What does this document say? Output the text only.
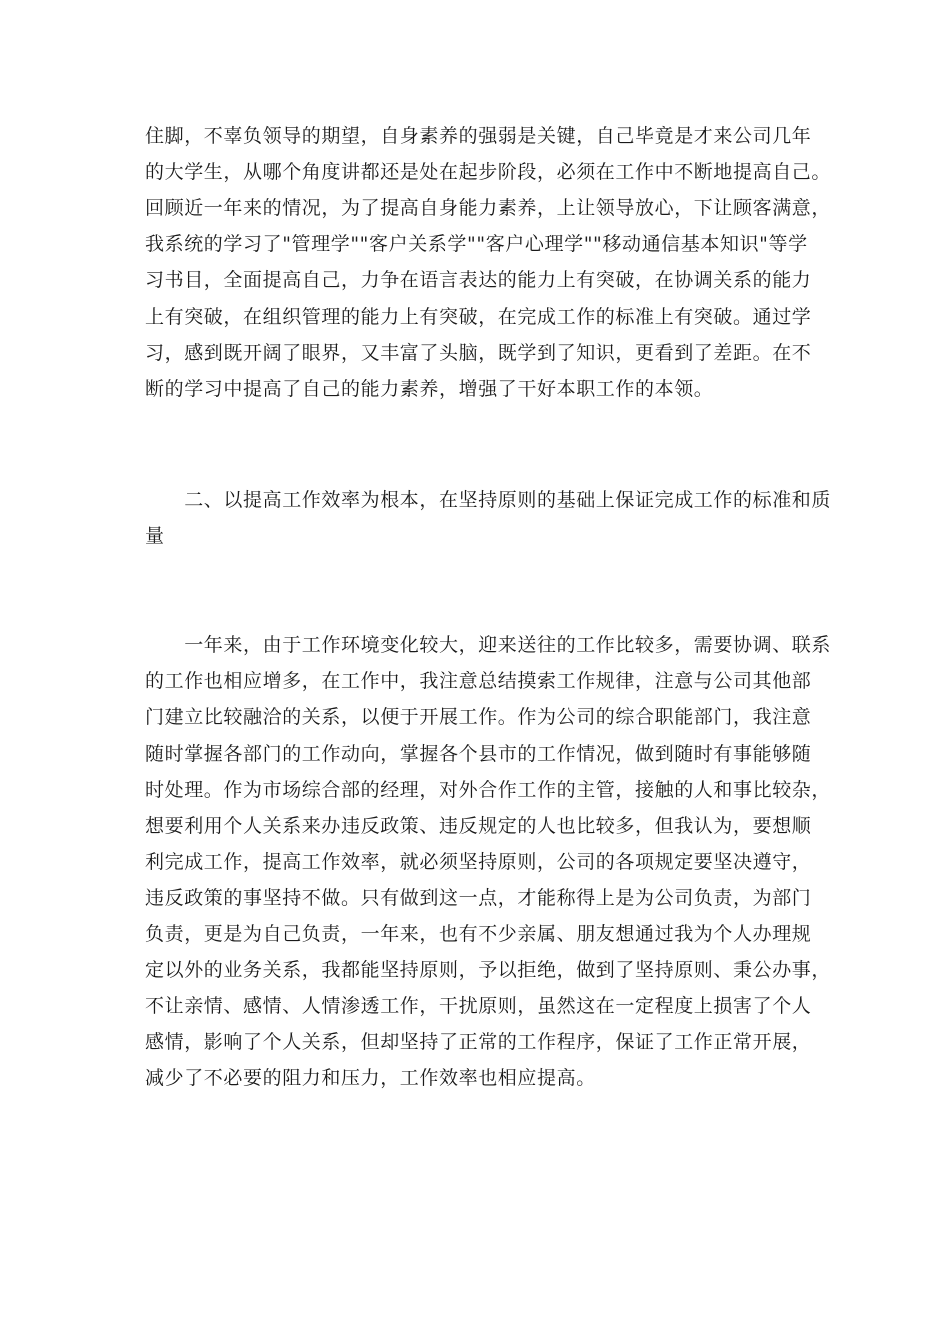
住脚，不辜负领导的期望，自身素养的强弱是关键，自己毕竟是才来公司几年
的大学生，从哪个角度讲都还是处在起步阶段，必须在工作中不断地提高自己。
回顾近一年来的情况，为了提高自身能力素养，上让领导放心，下让顾客满意，
我系统的学习了"管理学""客户关系学""客户心理学""移动通信基本知识"等学
习书目，全面提高自己，力争在语言表达的能力上有突破，在协调关系的能力
上有突破，在组织管理的能力上有突破，在完成工作的标准上有突破。通过学
习，感到既开阔了眼界，又丰富了头脑，既学到了知识，更看到了差距。在不
断的学习中提高了自己的能力素养，增强了干好本职工作的本领。
　　二、以提高工作效率为根本，在坚持原则的基础上保证完成工作的标准和质
量
　　一年来，由于工作环境变化较大，迎来送往的工作比较多，需要协调、联系
的工作也相应增多，在工作中，我注意总结摸索工作规律，注意与公司其他部
门建立比较融洽的关系，以便于开展工作。作为公司的综合职能部门，我注意
随时掌握各部门的工作动向，掌握各个县市的工作情况，做到随时有事能够随
时处理。作为市场综合部的经理，对外合作工作的主管，接触的人和事比较杂，
想要利用个人关系来办违反政策、违反规定的人也比较多，但我认为，要想顺
利完成工作，提高工作效率，就必须坚持原则，公司的各项规定要坚决遵守，
违反政策的事坚持不做。只有做到这一点，才能称得上是为公司负责，为部门
负责，更是为自己负责，一年来，也有不少亲属、朋友想通过我为个人办理规
定以外的业务关系，我都能坚持原则，予以拒绝，做到了坚持原则、秉公办事，
不让亲情、感情、人情渗透工作，干扰原则，虽然这在一定程度上损害了个人
感情，影响了个人关系，但却坚持了正常的工作程序，保证了工作正常开展，
减少了不必要的阻力和压力，工作效率也相应提高。
